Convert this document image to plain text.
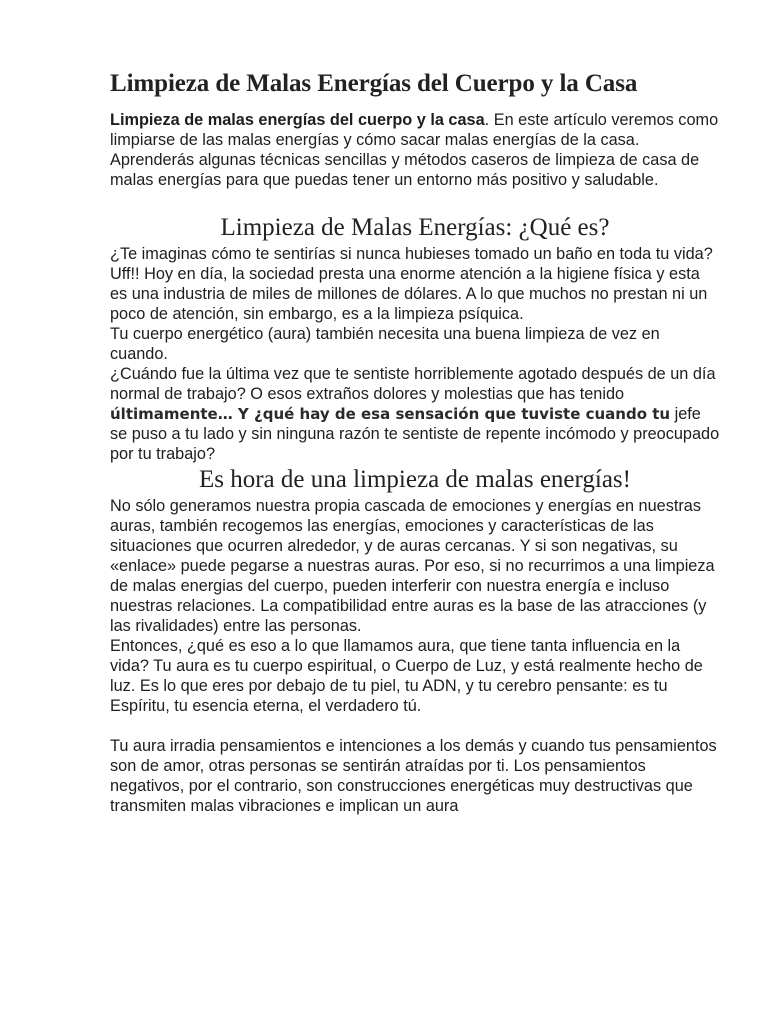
Limpieza de Malas Energías del Cuerpo y la Casa

Limpieza de malas energías del cuerpo y la casa. En este artículo veremos como limpiarse de las malas energías y cómo sacar malas energías de la casa. Aprenderás algunas técnicas sencillas y métodos caseros de limpieza de casa de malas energías para que puedas tener un entorno más positivo y saludable.

Limpieza de Malas Energías: ¿Qué es?

¿Te imaginas cómo te sentirías si nunca hubieses tomado un baño en toda tu vida? Uff!! Hoy en día, la sociedad presta una enorme atención a la higiene física y esta es una industria de miles de millones de dólares. A lo que muchos no prestan ni un poco de atención, sin embargo, es a la limpieza psíquica.

Tu cuerpo energético (aura) también necesita una buena limpieza de vez en cuando.

¿Cuándo fue la última vez que te sentiste horriblemente agotado después de un día normal de trabajo? O esos extraños dolores y molestias que has tenido últimamente… Y ¿qué hay de esa sensación que tuviste cuando tu jefe se puso a tu lado y sin ninguna razón te sentiste de repente incómodo y preocupado por tu trabajo?

Es hora de una limpieza de malas energías!

No sólo generamos nuestra propia cascada de emociones y energías en nuestras auras, también recogemos las energías, emociones y características de las situaciones que ocurren alrededor, y de auras cercanas. Y si son negativas, su «enlace» puede pegarse a nuestras auras. Por eso, si no recurrimos a una limpieza de malas energias del cuerpo, pueden interferir con nuestra energía e incluso nuestras relaciones. La compatibilidad entre auras es la base de las atracciones (y las rivalidades) entre las personas.

Entonces, ¿qué es eso a lo que llamamos aura, que tiene tanta influencia en la vida? Tu aura es tu cuerpo espiritual, o Cuerpo de Luz, y está realmente hecho de luz. Es lo que eres por debajo de tu piel, tu ADN, y tu cerebro pensante: es tu Espíritu, tu esencia eterna, el verdadero tú.

Tu aura irradia pensamientos e intenciones a los demás y cuando tus pensamientos son de amor, otras personas se sentirán atraídas por ti. Los pensamientos negativos, por el contrario, son construcciones energéticas muy destructivas que transmiten malas vibraciones e implican un aura
